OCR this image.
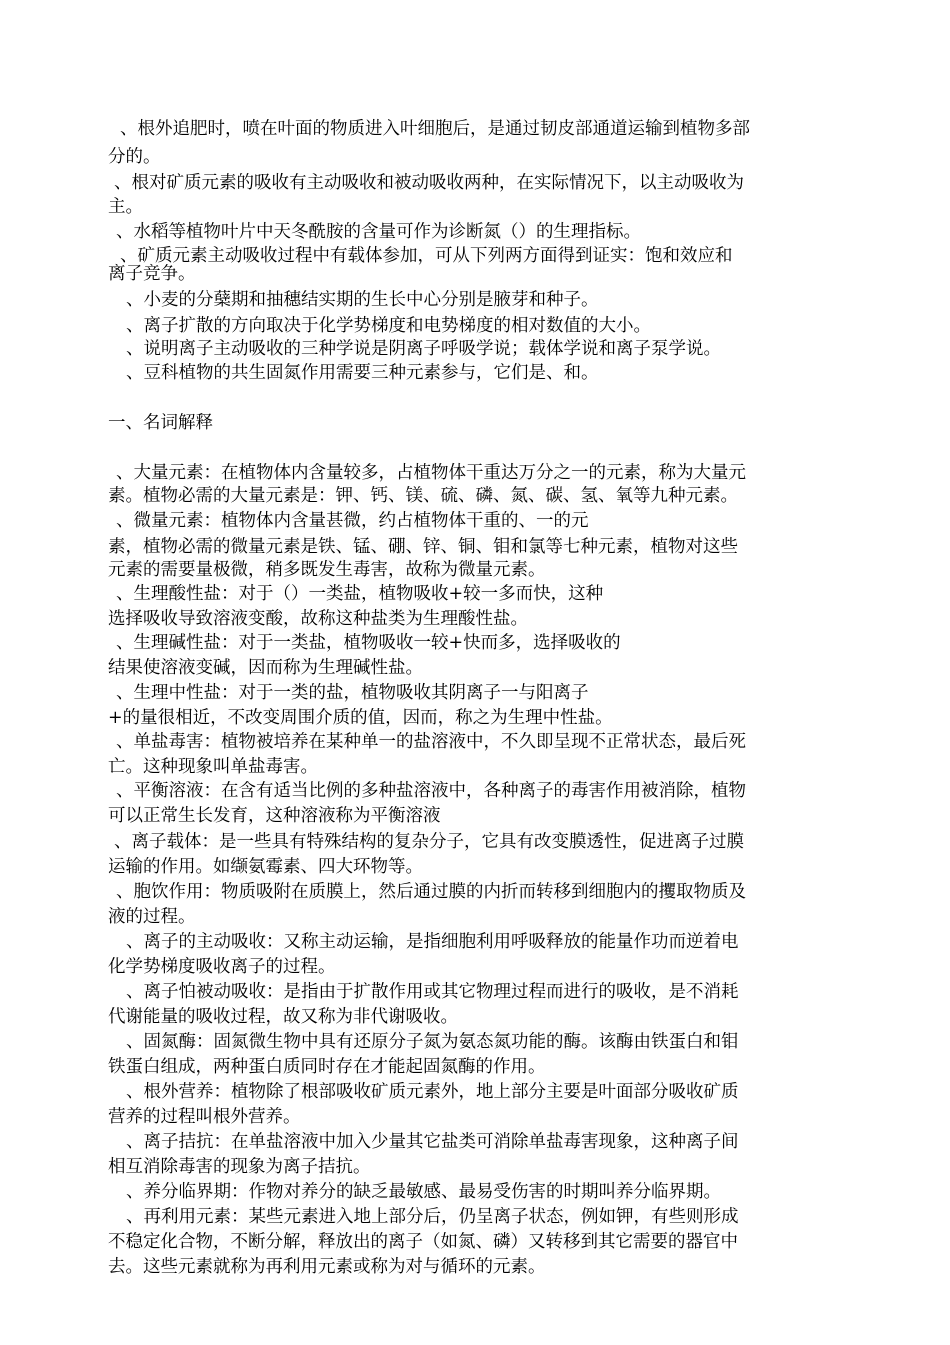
、根外追肥时，喷在叶面的物质进入叶细胞后，是通过韧皮部通道运输到植物多部
分的。
、根对矿质元素的吸收有主动吸收和被动吸收两种，在实际情况下，以主动吸收为
主。
、水稻等植物叶片中天冬酰胺的含量可作为诊断氮（）的生理指标。
、矿质元素主动吸收过程中有载体参加，可从下列两方面得到证实：饱和效应和
离子竞争。
、小麦的分蘖期和抽穗结实期的生长中心分别是腋芽和种子。
、离子扩散的方向取决于化学势梯度和电势梯度的相对数值的大小。
、说明离子主动吸收的三种学说是阴离子呼吸学说；载体学说和离子泵学说。
、豆科植物的共生固氮作用需要三种元素参与，它们是、和。
一、名词解释
、大量元素：在植物体内含量较多，占植物体干重达万分之一的元素，称为大量元
素。植物必需的大量元素是：钾、钙、镁、硫、磷、氮、碳、氢、氧等九种元素。
、微量元素：植物体内含量甚微，约占植物体干重的、一的元
素，植物必需的微量元素是铁、锰、硼、锌、铜、钼和氯等七种元素，植物对这些
元素的需要量极微，稍多既发生毒害，故称为微量元素。
、生理酸性盐：对于（）一类盐，植物吸收+较一多而快，这种
选择吸收导致溶液变酸，故称这种盐类为生理酸性盐。
、生理碱性盐：对于一类盐，植物吸收一较+快而多，选择吸收的
结果使溶液变碱，因而称为生理碱性盐。
、生理中性盐：对于一类的盐，植物吸收其阴离子一与阳离子
+的量很相近，不改变周围介质的值，因而，称之为生理中性盐。
、单盐毒害：植物被培养在某种单一的盐溶液中，不久即呈现不正常状态，最后死
亡。这种现象叫单盐毒害。
、平衡溶液：在含有适当比例的多种盐溶液中，各种离子的毒害作用被消除，植物
可以正常生长发育，这种溶液称为平衡溶液
、离子载体：是一些具有特殊结构的复杂分子，它具有改变膜透性，促进离子过膜
运输的作用。如缬氨霉素、四大环物等。
、胞饮作用：物质吸附在质膜上，然后通过膜的内折而转移到细胞内的攫取物质及
液的过程。
、离子的主动吸收：又称主动运输，是指细胞利用呼吸释放的能量作功而逆着电
化学势梯度吸收离子的过程。
、离子怕被动吸收：是指由于扩散作用或其它物理过程而进行的吸收，是不消耗
代谢能量的吸收过程，故又称为非代谢吸收。
、固氮酶：固氮微生物中具有还原分子氮为氨态氮功能的酶。该酶由铁蛋白和钼
铁蛋白组成，两种蛋白质同时存在才能起固氮酶的作用。
、根外营养：植物除了根部吸收矿质元素外，地上部分主要是叶面部分吸收矿质
营养的过程叫根外营养。
、离子拮抗：在单盐溶液中加入少量其它盐类可消除单盐毒害现象，这种离子间
相互消除毒害的现象为离子拮抗。
、养分临界期：作物对养分的缺乏最敏感、最易受伤害的时期叫养分临界期。
、再利用元素：某些元素进入地上部分后，仍呈离子状态，例如钾，有些则形成
不稳定化合物，不断分解，释放出的离子（如氮、磷）又转移到其它需要的器官中
去。这些元素就称为再利用元素或称为对与循环的元素。
